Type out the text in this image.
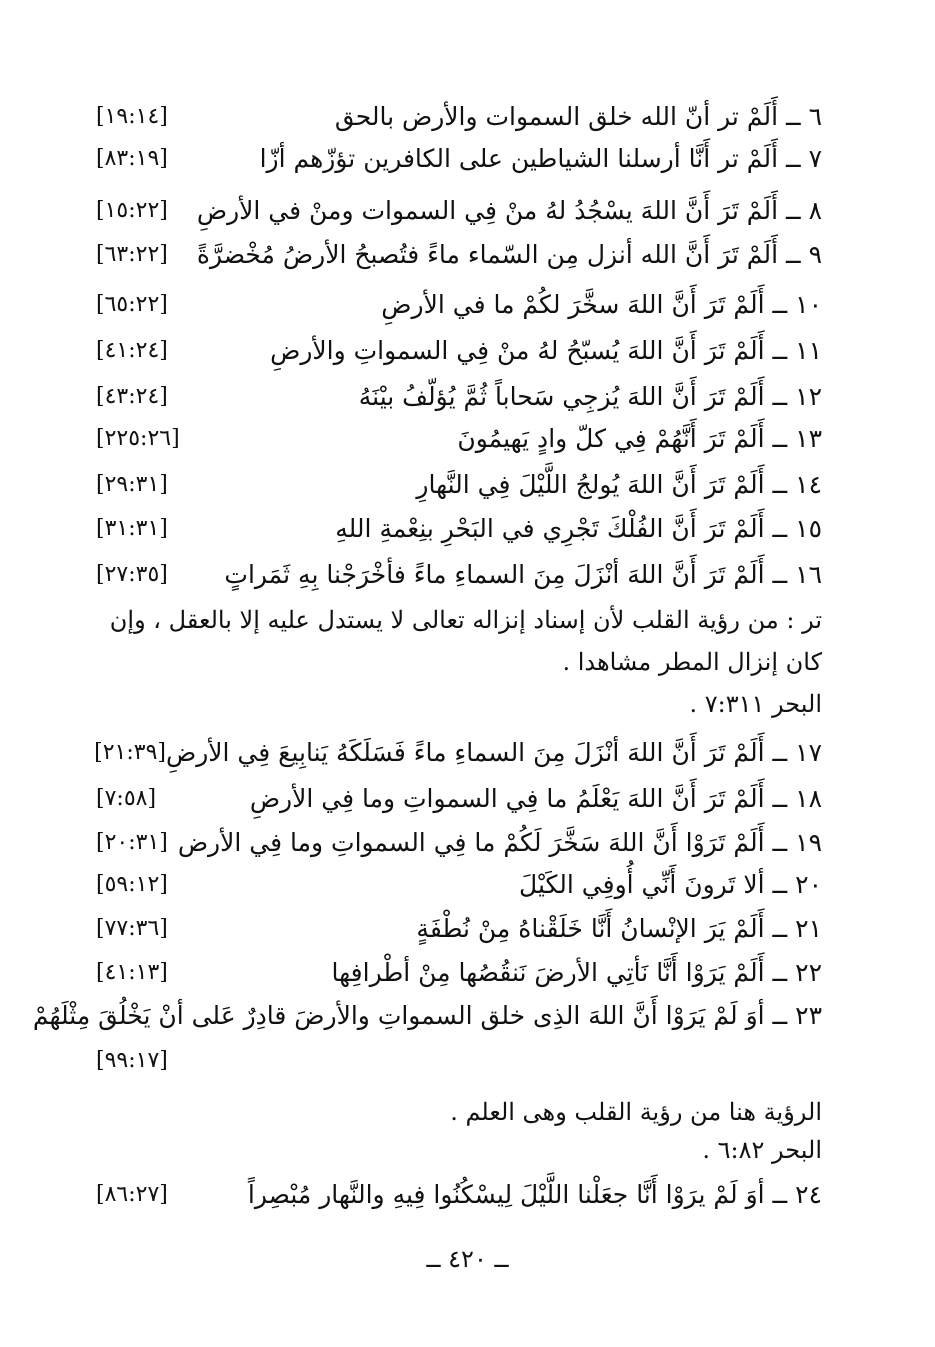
٦ ــ أَلَمْ تر أنّ الله خلق السموات والأرض بالحق
[١٩:١٤]
٧ ــ أَلَمْ تر أَنَّا أرسلنا الشياطين على الكافرين تؤزّهم أزّا
[٨٣:١٩]
٨ ــ أَلَمْ تَرَ أَنَّ اللهَ يسْجُدُ لهُ منْ فِي السموات ومنْ في الأرضِ
[١٥:٢٢]
٩ ــ أَلَمْ تَرَ أَنَّ الله أنزل مِن السّماء ماءً فتُصبحُ الأرضُ مُخْضرَّةً
[٦٣:٢٢]
١٠ ــ أَلَمْ تَرَ أَنَّ اللهَ سخَّرَ لكُمْ ما في الأرضِ
[٦٥:٢٢]
١١ ــ أَلَمْ تَرَ أَنَّ اللهَ يُسبّحُ لهُ منْ فِي السمواتِ والأرضِ
[٤١:٢٤]
١٢ ــ أَلَمْ تَرَ أَنَّ اللهَ يُزجِي سَحاباً ثُمَّ يُؤلّفُ بيْنَهُ
[٤٣:٢٤]
١٣ ــ أَلَمْ تَرَ أَنَّهُمْ فِي كلّ وادٍ يَهيمُونَ
[٢٢٥:٢٦]
١٤ ــ أَلَمْ تَرَ أَنَّ اللهَ يُولجُ اللَّيْلَ فِي النَّهارِ
[٢٩:٣١]
١٥ ــ أَلَمْ تَرَ أَنَّ الفُلْكَ تَجْرِي في البَحْرِ بنِعْمةِ اللهِ
[٣١:٣١]
١٦ ــ أَلَمْ تَرَ أَنَّ اللهَ أنْزَلَ مِنَ السماءِ ماءً فأخْرَجْنا بِهِ ثَمَراتٍ
[٢٧:٣٥]
تر : من رؤية القلب لأن إسناد إنزاله تعالى لا يستدل عليه إلا بالعقل ، وإن
كان إنزال المطر مشاهدا .
البحر ٧:٣١١ .
١٧ ــ أَلَمْ تَرَ أَنَّ اللهَ أنْزَلَ مِنَ السماءِ ماءً فَسَلَكَهُ يَنابِيعَ فِي الأرضِ
[٢١:٣٩]
١٨ ــ أَلَمْ تَرَ أَنَّ اللهَ يَعْلَمُ ما فِي السمواتِ وما فِي الأرضِ
[٧:٥٨]
١٩ ــ أَلَمْ تَرَوْا أَنَّ اللهَ سَخَّرَ لَكُمْ ما فِي السمواتِ وما فِي الأرض
[٢٠:٣١]
٢٠ ــ ألا تَرونَ أَنِّي أُوفِي الكَيْلَ
[٥٩:١٢]
٢١ ــ أَلَمْ يَرَ الإنْسانُ أَنَّا خَلَقْناهُ مِنْ نُطْفَةٍ
[٧٧:٣٦]
٢٢ ــ أَلَمْ يَرَوْا أَنَّا نَأتِي الأرضَ نَنقُصُها مِنْ أطْرافِها
[٤١:١٣]
٢٣ ــ أوَ لَمْ يَرَوْا أَنَّ اللهَ الذِى خلق السمواتِ والأرضَ قادِرٌ عَلى أنْ يَخْلُقَ مِثْلَهُمْ
[٩٩:١٧]
الرؤية هنا من رؤية القلب وهى العلم .
البحر ٦:٨٢ .
٢٤ ــ أوَ لَمْ يرَوْا أَنَّا جعَلْنا اللَّيْلَ لِيسْكُنُوا فِيهِ والنَّهار مُبْصِراً
[٨٦:٢٧]
ــ ٤٢٠ ــ
